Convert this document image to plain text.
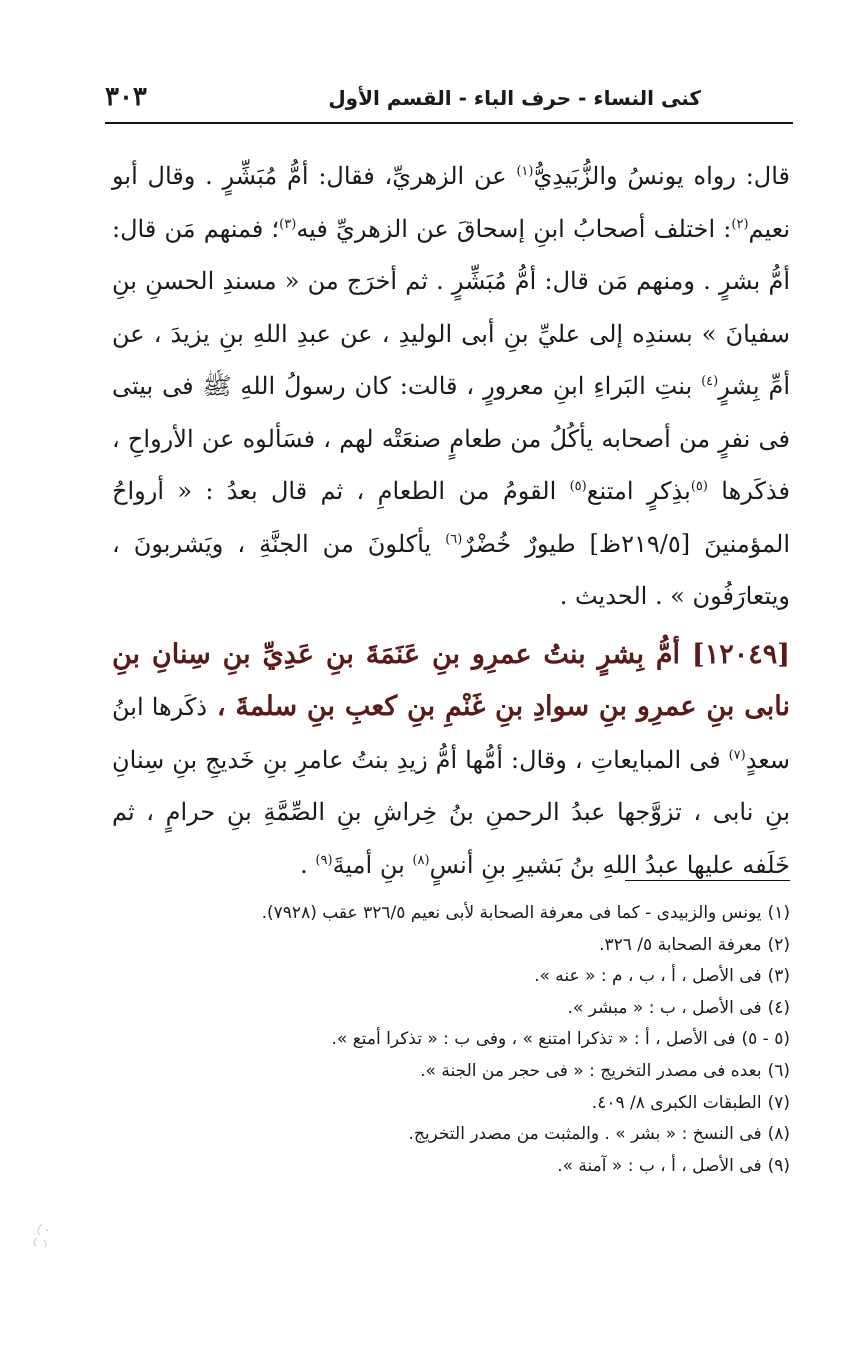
٣٠٣	كنى النساء - حرف الباء - القسم الأول

قال: رواه يونسُ والزُّبَيدِيُّ$^{(١)}$ عن الزهريِّ، فقال: أمُّ مُبَشِّرٍ . وقال أبو نعيم$^{(٢)}$: اختلف أصحابُ ابنِ إسحاقَ عن الزهريِّ فيه$^{(٣)}$؛ فمنهم مَن قال: أمُّ بشرٍ . ومنهم مَن قال: أمُّ مُبَشِّرٍ . ثم أخرَج من « مسندِ الحسنِ بنِ سفيانَ » بسندِه إلى عليِّ بنِ أبى الوليدِ ، عن عبدِ اللهِ بنِ يزيدَ ، عن أمِّ بِشرٍ$^{(٤)}$ بنتِ البَراءِ ابنِ معرورٍ ، قالت: كان رسولُ اللهِ ﷺ فى بيتى فى نفرٍ من أصحابه يأكُلُ من طعامٍ صنعَتْه لهم ، فسَألوه عن الأرواحِ ، فذكَرها $^{(٥)}$بذِكرٍ امتنع$^{(٥)}$ القومُ من الطعامِ ، ثم قال بعدُ : « أرواحُ المؤمنينَ [٢١٩/٥ظ] طيورٌ خُضْرٌ$^{(٦)}$ يأكلونَ من الجنَّةِ ، ويَشربونَ ، ويتعارَفُون » . الحديث .

[١٢٠٤٩] أمُّ بِشرٍ بنتُ عمرِو بنِ عَنَمَةَ بنِ عَدِيِّ بنِ سِنانِ بنِ نابى بنِ عمرِو بنِ سوادِ بنِ غَنْمِ بنِ كعبِ بنِ سلمةَ ، ذكَرها ابنُ سعدٍ$^{(٧)}$ فى المبايعاتِ ، وقال: أمُّها أمُّ زيدِ بنتُ عامرِ بنِ خَديجِ بنِ سِنانِ بنِ نابى ، تزوَّجها عبدُ الرحمنِ بنُ خِراشِ بنِ الصِّمَّةِ بنِ حرامٍ ، ثم خَلَفه عليها عبدُ اللهِ بنُ بَشيرِ بنِ أنسٍ$^{(٨)}$ بنِ أميةَ$^{(٩)}$ .

(١)يونس والزبيدى - كما فى معرفة الصحابة لأبى نعيم ٣٢٦/٥ عقب (٧٩٢٨).
(٢)معرفة الصحابة ٥/ ٣٢٦.
(٣)فى الأصل ، أ ، ب ، م : « عنه ».
(٤)فى الأصل ، ب : « مبشر ».
(٥ - ٥)فى الأصل ، أ : « تذكرا امتنع » ، وفى ب : « تذكرا أمتع ».
(٦)بعده فى مصدر التخريج : « فى حجر من الجنة ».
(٧)الطبقات الكبرى ٨/ ٤٠٩.
(٨)فى النسخ : « بشر » . والمثبت من مصدر التخريج.
(٩)فى الأصل ، أ ، ب : « آمنة ».
